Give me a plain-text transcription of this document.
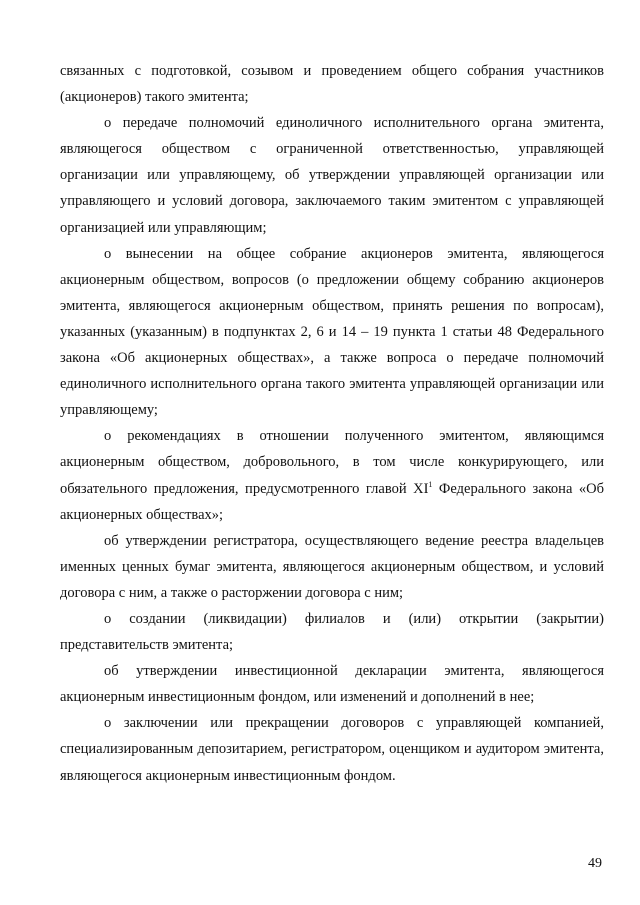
связанных с подготовкой, созывом и проведением общего собрания участников (акционеров) такого эмитента;

о передаче полномочий единоличного исполнительного органа эмитента, являющегося обществом с ограниченной ответственностью, управляющей организации или управляющему, об утверждении управляющей организации или управляющего и условий договора, заключаемого таким эмитентом с управляющей организацией или управляющим;

о вынесении на общее собрание акционеров эмитента, являющегося акционерным обществом, вопросов (о предложении общему собранию акционеров эмитента, являющегося акционерным обществом, принять решения по вопросам), указанных (указанным) в подпунктах 2, 6 и 14 – 19 пункта 1 статьи 48 Федерального закона «Об акционерных обществах», а также вопроса о передаче полномочий единоличного исполнительного органа такого эмитента управляющей организации или управляющему;

о рекомендациях в отношении полученного эмитентом, являющимся акционерным обществом, добровольного, в том числе конкурирующего, или обязательного предложения, предусмотренного главой $XI^1$ Федерального закона «Об акционерных обществах»;

об утверждении регистратора, осуществляющего ведение реестра владельцев именных ценных бумаг эмитента, являющегося акционерным обществом, и условий договора с ним, а также о расторжении договора с ним;

о создании (ликвидации) филиалов и (или) открытии (закрытии) представительств эмитента;

об утверждении инвестиционной декларации эмитента, являющегося акционерным инвестиционным фондом, или изменений и дополнений в нее;

о заключении или прекращении договоров с управляющей компанией, специализированным депозитарием, регистратором, оценщиком и аудитором эмитента, являющегося акционерным инвестиционным фондом.

49
